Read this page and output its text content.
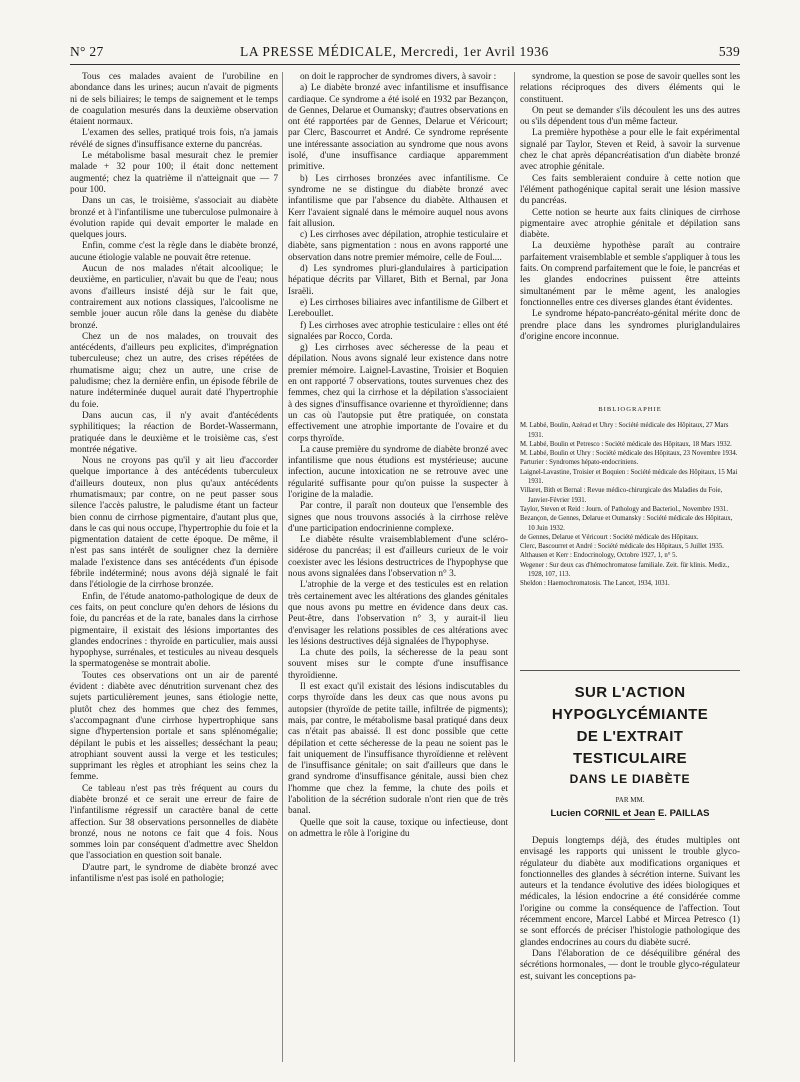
N° 27	LA PRESSE MÉDICALE, Mercredi, 1er Avril 1936	539

Tous ces malades avaient de l'urobiline en abondance dans les urines; aucun n'avait de pigments ni de sels biliaires; le temps de saignement et le temps de coagulation mesurés dans la deuxième observation étaient normaux.

L'examen des selles, pratiqué trois fois, n'a jamais révélé de signes d'insuffisance externe du pancréas.

Le métabolisme basal mesurait chez le premier malade + 32 pour 100; il était donc nettement augmenté; chez la quatrième il n'atteignait que — 7 pour 100.

Dans un cas, le troisième, s'associait au diabète bronzé et à l'infantilisme une tuberculose pulmonaire à évolution rapide qui devait emporter le malade en quelques jours.

Enfin, comme c'est la règle dans le diabète bronzé, aucune étiologie valable ne pouvait être retenue.

Aucun de nos malades n'était alcoolique; le deuxième, en particulier, n'avait bu que de l'eau; nous avons d'ailleurs insisté déjà sur le fait que, contrairement aux notions classiques, l'alcoolisme ne semble jouer aucun rôle dans la genèse du diabète bronzé.

Chez un de nos malades, on trouvait des antécédents, d'ailleurs peu explicites, d'imprégnation tuberculeuse; chez un autre, des crises répétées de rhumatisme aigu; chez un autre, une crise de paludisme; chez la dernière enfin, un épisode fébrile de nature indéterminée duquel aurait daté l'hypertrophie du foie.

Dans aucun cas, il n'y avait d'antécédents syphilitiques; la réaction de Bordet-Wassermann, pratiquée dans le deuxième et le troisième cas, s'est montrée négative.

Nous ne croyons pas qu'il y ait lieu d'accorder quelque importance à des antécédents tuberculeux d'ailleurs douteux, non plus qu'aux antécédents rhumatismaux; par contre, on ne peut passer sous silence l'accès palustre, le paludisme étant un facteur bien connu de cirrhose pigmentaire, d'autant plus que, dans le cas qui nous occupe, l'hypertrophie du foie et la pigmentation dataient de cette époque. De même, il n'est pas sans intérêt de souligner chez la dernière malade l'existence dans ses antécédents d'un épisode fébrile indéterminé; nous avons déjà signalé le fait dans l'étiologie de la cirrhose bronzée.

Enfin, de l'étude anatomo-pathologique de deux de ces faits, on peut conclure qu'en dehors de lésions du foie, du pancréas et de la rate, banales dans la cirrhose pigmentaire, il existait des lésions importantes des glandes endocrines : thyroïde en particulier, mais aussi hypophyse, surrénales, et testicules au niveau desquels la spermatogenèse se montrait abolie.

Toutes ces observations ont un air de parenté évident : diabète avec dénutrition survenant chez des sujets particulièrement jeunes, sans étiologie nette, plutôt chez des hommes que chez des femmes, s'accompagnant d'une cirrhose hypertrophique sans signe d'hypertension portale et sans splénomégalie; dépilant le pubis et les aisselles; desséchant la peau; atrophiant souvent aussi la verge et les testicules; supprimant les règles et atrophiant les seins chez la femme.

Ce tableau n'est pas très fréquent au cours du diabète bronzé et ce serait une erreur de faire de l'infantilisme régressif un caractère banal de cette affection. Sur 38 observations personnelles de diabète bronzé, nous ne notons ce fait que 4 fois. Nous sommes loin par conséquent d'admettre avec Sheldon que l'association en question soit banale.

D'autre part, le syndrome de diabète bronzé avec infantilisme n'est pas isolé en pathologie;

on doit le rapprocher de syndromes divers, à savoir :

a) Le diabète bronzé avec infantilisme et insuffisance cardiaque. Ce syndrome a été isolé en 1932 par Bezançon, de Gennes, Delarue et Oumansky; d'autres observations en ont été rapportées par de Gennes, Delarue et Véricourt; par Clerc, Bascourret et André. Ce syndrome représente une intéressante association au syndrome que nous avons isolé, d'une insuffisance cardiaque apparemment primitive.

b) Les cirrhoses bronzées avec infantilisme. Ce syndrome ne se distingue du diabète bronzé avec infantilisme que par l'absence du diabète. Althausen et Kerr l'avaient signalé dans le mémoire auquel nous avons fait allusion.

c) Les cirrhoses avec dépilation, atrophie testiculaire et diabète, sans pigmentation : nous en avons rapporté une observation dans notre premier mémoire, celle de Foul....

d) Les syndromes pluri-glandulaires à participation hépatique décrits par Villaret, Bith et Bernal, par Jona Israëli.

e) Les cirrhoses biliaires avec infantilisme de Gilbert et Lereboullet.

f) Les cirrhoses avec atrophie testiculaire : elles ont été signalées par Rocco, Corda.

g) Les cirrhoses avec sécheresse de la peau et dépilation. Nous avons signalé leur existence dans notre premier mémoire. Laignel-Lavastine, Troisier et Boquien en ont rapporté 7 observations, toutes survenues chez des femmes, chez qui la cirrhose et la dépilation s'associaient à des signes d'insuffisance ovarienne et thyroïdienne; dans un cas où l'autopsie put être pratiquée, on constata effectivement une atrophie importante de l'ovaire et du corps thyroïde.

La cause première du syndrome de diabète bronzé avec infantilisme que nous étudions est mystérieuse; aucune infection, aucune intoxication ne se retrouve avec une régularité suffisante pour qu'on puisse la suspecter à l'origine de la maladie.

Par contre, il paraît non douteux que l'ensemble des signes que nous trouvons associés à la cirrhose relève d'une participation endocrinienne complexe.

Le diabète résulte vraisemblablement d'une scléro-sidérose du pancréas; il est d'ailleurs curieux de le voir coexister avec les lésions destructrices de l'hypophyse que nous avons signalées dans l'observation n° 3.

L'atrophie de la verge et des testicules est en relation très certainement avec les altérations des glandes génitales que nous avons pu mettre en évidence dans deux cas. Peut-être, dans l'observation n° 3, y aurait-il lieu d'envisager les relations possibles de ces altérations avec les lésions destructives déjà signalées de l'hypophyse.

La chute des poils, la sécheresse de la peau sont souvent mises sur le compte d'une insuffisance thyroïdienne.

Il est exact qu'il existait des lésions indiscutables du corps thyroïde dans les deux cas que nous avons pu autopsier (thyroïde de petite taille, infiltrée de pigments); mais, par contre, le métabolisme basal pratiqué dans deux cas n'était pas abaissé. Il est donc possible que cette dépilation et cette sécheresse de la peau ne soient pas le fait uniquement de l'insuffisance thyroïdienne et relèvent de l'insuffisance génitale; on sait d'ailleurs que dans le grand syndrome d'insuffisance génitale, aussi bien chez l'homme que chez la femme, la chute des poils et l'abolition de la sécrétion sudorale n'ont rien que de très banal.

Quelle que soit la cause, toxique ou infectieuse, dont on admettra le rôle à l'origine du

syndrome, la question se pose de savoir quelles sont les relations réciproques des divers éléments qui le constituent.

On peut se demander s'ils découlent les uns des autres ou s'ils dépendent tous d'un même facteur.

La première hypothèse a pour elle le fait expérimental signalé par Taylor, Steven et Reid, à savoir la survenue chez le chat après dépancréatisation d'un diabète bronzé avec atrophie génitale.

Ces faits sembleraient conduire à cette notion que l'élément pathogénique capital serait une lésion massive du pancréas.

Cette notion se heurte aux faits cliniques de cirrhose pigmentaire avec atrophie génitale et dépilation sans diabète.

La deuxième hypothèse paraît au contraire parfaitement vraisemblable et semble s'appliquer à tous les faits. On comprend parfaitement que le foie, le pancréas et les glandes endocrines puissent être atteints simultanément par le même agent, les analogies fonctionnelles entre ces diverses glandes étant évidentes.

Le syndrome hépato-pancréato-génital mérite donc de prendre place dans les syndromes pluriglandulaires d'origine encore inconnue.

BIBLIOGRAPHIE

M. Labbé, Boulin, Azérad et Uhry : Société médicale des Hôpitaux, 27 Mars 1931.

M. Labbé, Boulin et Petresco : Société médicale des Hôpitaux, 18 Mars 1932.

M. Labbé, Boulin et Uhry : Société médicale des Hôpitaux, 23 Novembre 1934.

Parturier : Syndromes hépato-endocriniens.

Laignel-Lavastine, Troisier et Boquien : Société médicale des Hôpitaux, 15 Mai 1931.

Villaret, Bith et Bernal : Revue médico-chirurgicale des Maladies du Foie, Janvier-Février 1931.

Taylor, Steven et Reid : Journ. of Pathology and Bacteriol., Novembre 1931.

Bezançon, de Gennes, Delarue et Oumansky : Société médicale des Hôpitaux, 10 Juin 1932.

de Gennes, Delarue et Véricourt : Société médicale des Hôpitaux.

Clerc, Bascourret et André : Société médicale des Hôpitaux, 5 Juillet 1935.

Althausen et Kerr : Endocrinology, Octobre 1927, 1, n° 5.

Wegener : Sur deux cas d'hémochromatose familiale. Zeit. für klinis. Mediz., 1928, 107, 113.

Sheldon : Haemochromatosis. The Lancet, 1934, 1031.

SUR L'ACTION
HYPOGLYCÉMIANTE
DE L'EXTRAIT TESTICULAIRE
DANS LE DIABÈTE
PAR MM.
Lucien CORNIL et Jean E. PAILLAS

Depuis longtemps déjà, des études multiples ont envisagé les rapports qui unissent le trouble glyco-régulateur du diabète aux modifications organiques et fonctionnelles des glandes à sécrétion interne. Suivant les auteurs et la tendance évolutive des idées biologiques et médicales, la lésion endocrine a été considérée comme l'origine ou comme la conséquence de l'affection. Tout récemment encore, Marcel Labbé et Mircea Petresco (1) se sont efforcés de préciser l'histologie pathologique des glandes endocrines au cours du diabète sucré.

Dans l'élaboration de ce déséquilibre général des sécrétions hormonales, — dont le trouble glyco-régulateur est, suivant les conceptions pa-
